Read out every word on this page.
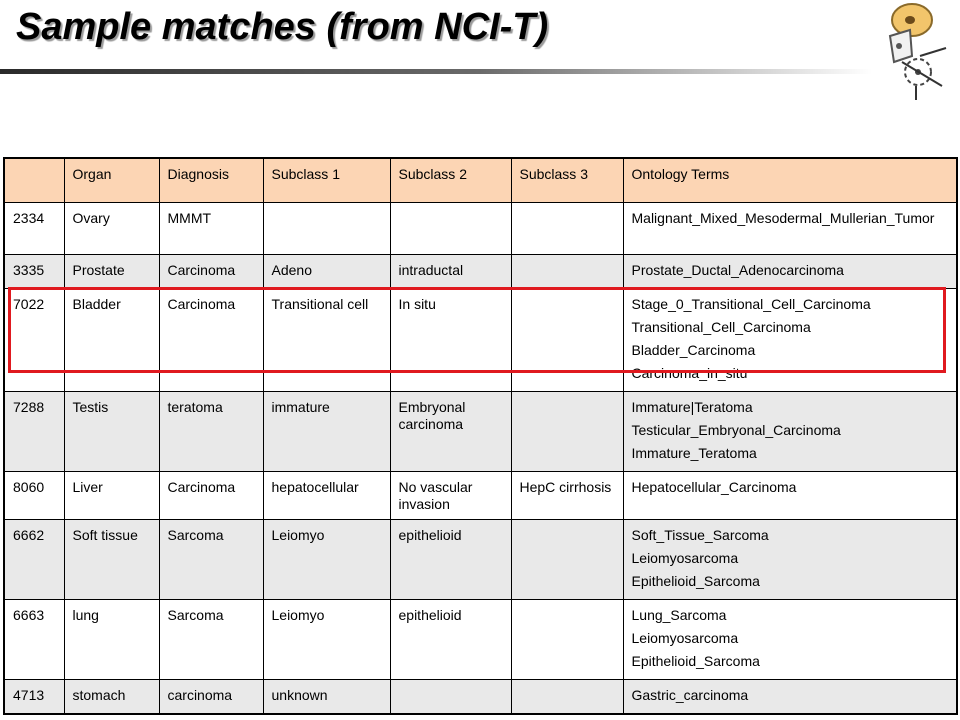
Sample matches (from NCI-T)
	Organ	Diagnosis	Subclass 1	Subclass 2	Subclass 3	Ontology Terms
2334	Ovary	MMMT				Malignant_Mixed_Mesodermal_Mullerian_Tumor

3335	Prostate	Carcinoma	Adeno	intraductal		Prostate_Ductal_Adenocarcinoma

7022	Bladder	Carcinoma	Transitional cell	In situ		Stage_0_Transitional_Cell_Carcinoma
Transitional_Cell_Carcinoma
Bladder_Carcinoma
Carcinoma_in_situ

7288	Testis	teratoma	immature	Embryonal carcinoma		Immature|Teratoma
Testicular_Embryonal_Carcinoma
Immature_Teratoma

8060	Liver	Carcinoma	hepatocellular	No vascular invasion	HepC cirrhosis	Hepatocellular_Carcinoma

6662	Soft tissue	Sarcoma	Leiomyo	epithelioid		Soft_Tissue_Sarcoma
Leiomyosarcoma
Epithelioid_Sarcoma

6663	lung	Sarcoma	Leiomyo	epithelioid		Lung_Sarcoma
Leiomyosarcoma
Epithelioid_Sarcoma

4713	stomach	carcinoma	unknown			Gastric_carcinoma
